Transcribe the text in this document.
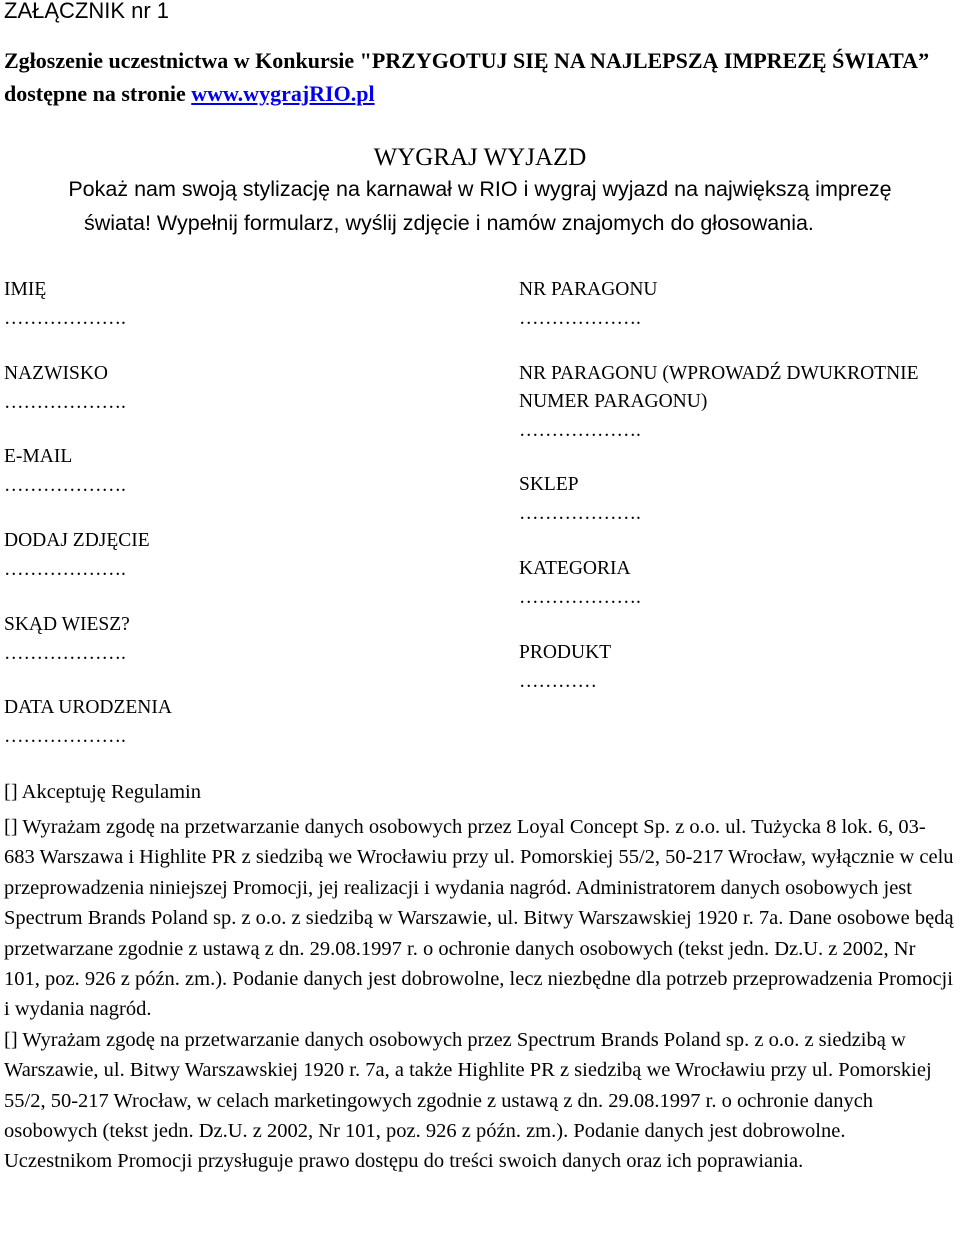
ZAŁĄCZNIK nr 1
Zgłoszenie uczestnictwa w Konkursie "PRZYGOTUJ SIĘ NA NAJLEPSZĄ IMPREZĘ ŚWIATA” dostępne na stronie www.wygrajRIO.pl
WYGRAJ WYJAZD
Pokaż nam swoją stylizację na karnawał w RIO i wygraj wyjazd na największą imprezę
świata! Wypełnij formularz, wyślij zdjęcie i namów znajomych do głosowania.
IMIĘ
……………….
NAZWISKO
……………….
E-MAIL
……………….
DODAJ ZDJĘCIE
……………….
SKĄD WIESZ?
……………….
DATA URODZENIA
……………….
NR PARAGONU
……………….
NR PARAGONU (WPROWADŹ DWUKROTNIE
NUMER PARAGONU)
……………….
SKLEP
……………….
KATEGORIA
……………….
PRODUKT
…………
[] Akceptuję Regulamin
[] Wyrażam zgodę na przetwarzanie danych osobowych przez Loyal Concept Sp. z o.o. ul. Tużycka 8 lok. 6, 03-683 Warszawa i Highlite PR z siedzibą we Wrocławiu przy ul. Pomorskiej 55/2, 50-217 Wrocław, wyłącznie w celu przeprowadzenia niniejszej Promocji, jej realizacji i wydania nagród. Administratorem danych osobowych jest Spectrum Brands Poland sp. z o.o. z siedzibą w Warszawie, ul. Bitwy Warszawskiej 1920 r. 7a. Dane osobowe będą przetwarzane zgodnie z ustawą z dn. 29.08.1997 r. o ochronie danych osobowych (tekst jedn. Dz.U. z 2002, Nr 101, poz. 926 z późn. zm.). Podanie danych jest dobrowolne, lecz niezbędne dla potrzeb przeprowadzenia Promocji i wydania nagród.
[] Wyrażam zgodę na przetwarzanie danych osobowych przez Spectrum Brands Poland sp. z o.o. z siedzibą w Warszawie, ul. Bitwy Warszawskiej 1920 r. 7a, a także Highlite PR z siedzibą we Wrocławiu przy ul. Pomorskiej 55/2, 50-217 Wrocław, w celach marketingowych zgodnie z ustawą z dn. 29.08.1997 r. o ochronie danych osobowych (tekst jedn. Dz.U. z 2002, Nr 101, poz. 926 z późn. zm.). Podanie danych jest dobrowolne. Uczestnikom Promocji przysługuje prawo dostępu do treści swoich danych oraz ich poprawiania.
